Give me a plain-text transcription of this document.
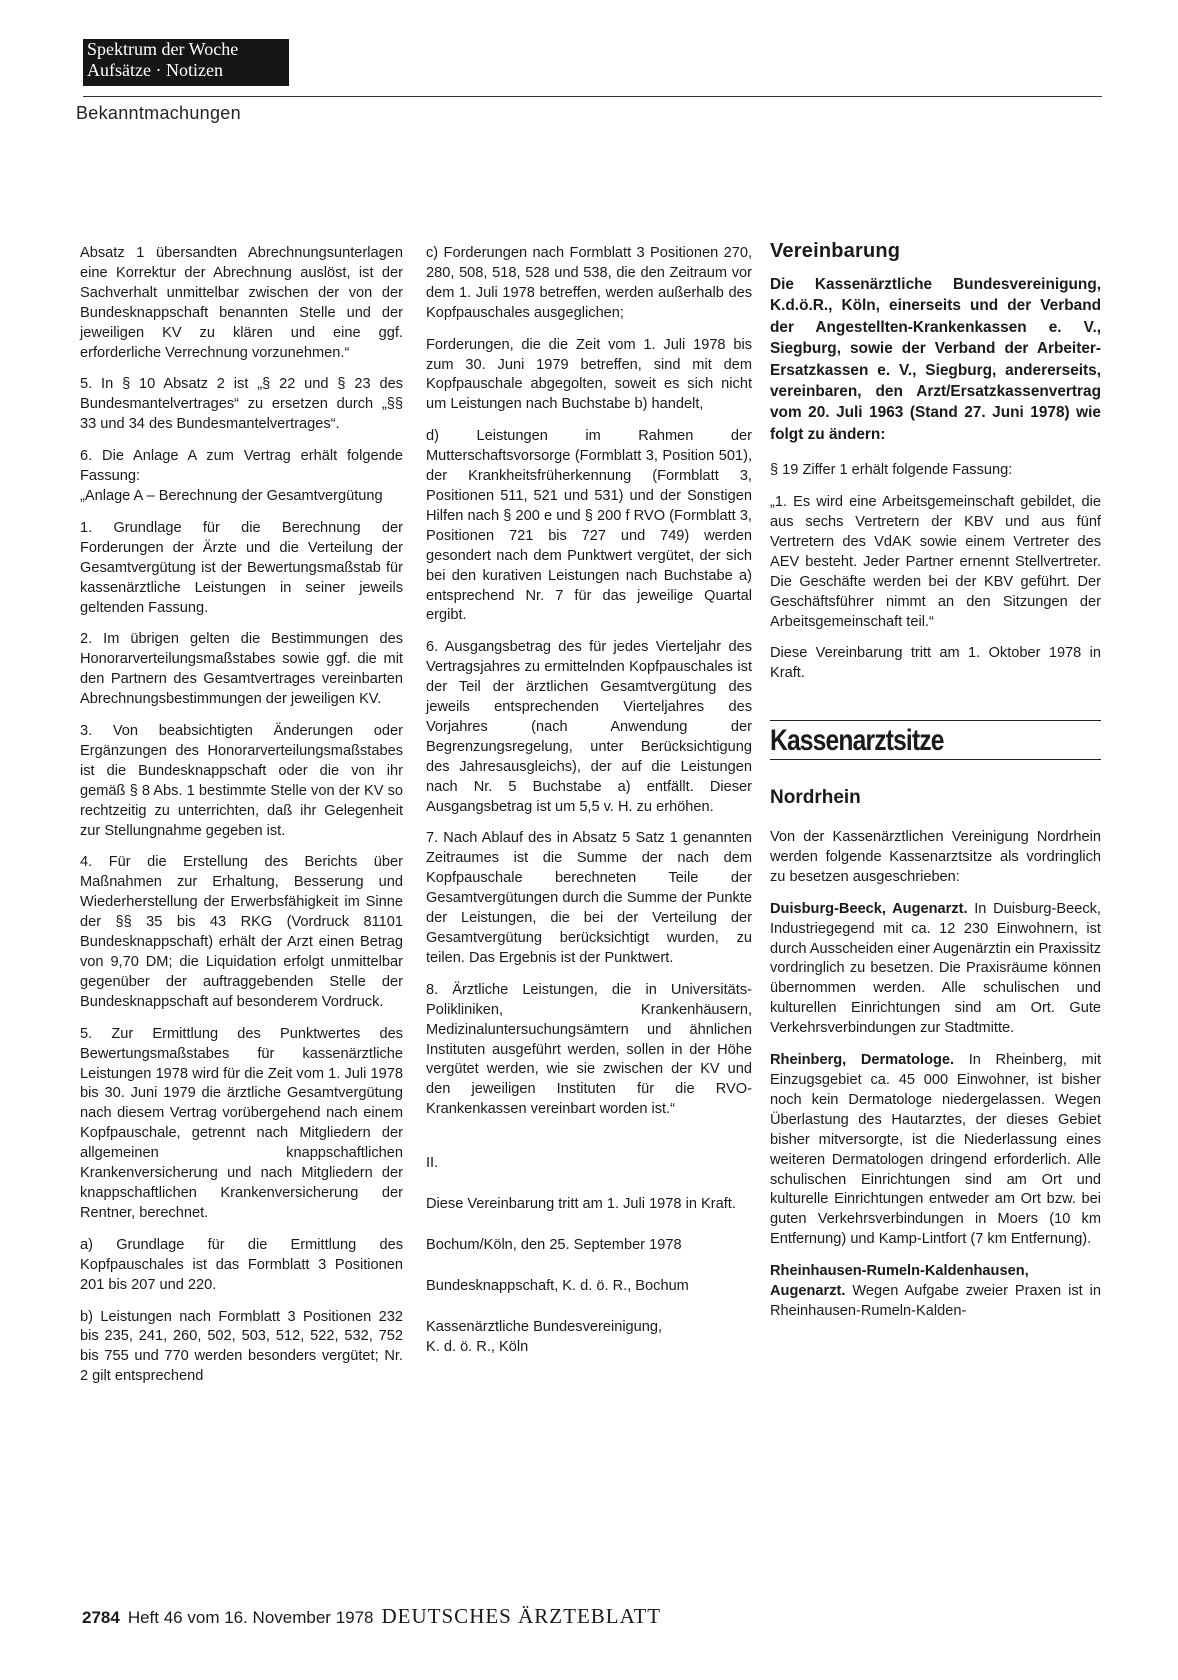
Spektrum der Woche
Aufsätze · Notizen
Bekanntmachungen

Absatz 1 übersandten Abrechnungsunterlagen eine Korrektur der Abrechnung auslöst, ist der Sachverhalt unmittelbar zwischen der von der Bundesknappschaft benannten Stelle und der jeweiligen KV zu klären und eine ggf. erforderliche Verrechnung vorzunehmen.“

5. In § 10 Absatz 2 ist „§ 22 und § 23 des Bundesmantelvertrages“ zu ersetzen durch „§§ 33 und 34 des Bundesmantelvertrages“.

6. Die Anlage A zum Vertrag erhält folgende Fassung:
„Anlage A – Berechnung der Gesamtvergütung

1. Grundlage für die Berechnung der Forderungen der Ärzte und die Verteilung der Gesamtvergütung ist der Bewertungsmaßstab für kassenärztliche Leistungen in seiner jeweils geltenden Fassung.

2. Im übrigen gelten die Bestimmungen des Honorarverteilungsmaßstabes sowie ggf. die mit den Partnern des Gesamtvertrages vereinbarten Abrechnungsbestimmungen der jeweiligen KV.

3. Von beabsichtigten Änderungen oder Ergänzungen des Honorarverteilungsmaßstabes ist die Bundesknappschaft oder die von ihr gemäß § 8 Abs. 1 bestimmte Stelle von der KV so rechtzeitig zu unterrichten, daß ihr Gelegenheit zur Stellungnahme gegeben ist.

4. Für die Erstellung des Berichts über Maßnahmen zur Erhaltung, Besserung und Wiederherstellung der Erwerbsfähigkeit im Sinne der §§ 35 bis 43 RKG (Vordruck 81101 Bundesknappschaft) erhält der Arzt einen Betrag von 9,70 DM; die Liquidation erfolgt unmittelbar gegenüber der auftraggebenden Stelle der Bundesknappschaft auf besonderem Vordruck.

5. Zur Ermittlung des Punktwertes des Bewertungsmaßstabes für kassenärztliche Leistungen 1978 wird für die Zeit vom 1. Juli 1978 bis 30. Juni 1979 die ärztliche Gesamtvergütung nach diesem Vertrag vorübergehend nach einem Kopfpauschale, getrennt nach Mitgliedern der allgemeinen knappschaftlichen Krankenversicherung und nach Mitgliedern der knappschaftlichen Krankenversicherung der Rentner, berechnet.

a) Grundlage für die Ermittlung des Kopfpauschales ist das Formblatt 3 Positionen 201 bis 207 und 220.

b) Leistungen nach Formblatt 3 Positionen 232 bis 235, 241, 260, 502, 503, 512, 522, 532, 752 bis 755 und 770 werden besonders vergütet; Nr. 2 gilt entsprechend

c) Forderungen nach Formblatt 3 Positionen 270, 280, 508, 518, 528 und 538, die den Zeitraum vor dem 1. Juli 1978 betreffen, werden außerhalb des Kopfpauschales ausgeglichen;

Forderungen, die die Zeit vom 1. Juli 1978 bis zum 30. Juni 1979 betreffen, sind mit dem Kopfpauschale abgegolten, soweit es sich nicht um Leistungen nach Buchstabe b) handelt,

d) Leistungen im Rahmen der Mutterschaftsvorsorge (Formblatt 3, Position 501), der Krankheitsfrüherkennung (Formblatt 3, Positionen 511, 521 und 531) und der Sonstigen Hilfen nach § 200 e und § 200 f RVO (Formblatt 3, Positionen 721 bis 727 und 749) werden gesondert nach dem Punktwert vergütet, der sich bei den kurativen Leistungen nach Buchstabe a) entsprechend Nr. 7 für das jeweilige Quartal ergibt.

6. Ausgangsbetrag des für jedes Vierteljahr des Vertragsjahres zu ermittelnden Kopfpauschales ist der Teil der ärztlichen Gesamtvergütung des jeweils entsprechenden Vierteljahres des Vorjahres (nach Anwendung der Begrenzungsregelung, unter Berücksichtigung des Jahresausgleichs), der auf die Leistungen nach Nr. 5 Buchstabe a) entfällt. Dieser Ausgangsbetrag ist um 5,5 v. H. zu erhöhen.

7. Nach Ablauf des in Absatz 5 Satz 1 genannten Zeitraumes ist die Summe der nach dem Kopfpauschale berechneten Teile der Gesamtvergütungen durch die Summe der Punkte der Leistungen, die bei der Verteilung der Gesamtvergütung berücksichtigt wurden, zu teilen. Das Ergebnis ist der Punktwert.

8. Ärztliche Leistungen, die in Universitäts-Polikliniken, Krankenhäusern, Medizinaluntersuchungsämtern und ähnlichen Instituten ausgeführt werden, sollen in der Höhe vergütet werden, wie sie zwischen der KV und den jeweiligen Instituten für die RVO-Krankenkassen vereinbart worden ist.“

II.

Diese Vereinbarung tritt am 1. Juli 1978 in Kraft.

Bochum/Köln, den 25. September 1978

Bundesknappschaft, K. d. ö. R., Bochum

Kassenärztliche Bundesvereinigung,
K. d. ö. R., Köln

Vereinbarung

Die Kassenärztliche Bundesvereinigung, K.d.ö.R., Köln, einerseits und der Verband der Angestellten-Krankenkassen e. V., Siegburg, sowie der Verband der Arbeiter-Ersatzkassen e. V., Siegburg, andererseits, vereinbaren, den Arzt/Ersatzkassenvertrag vom 20. Juli 1963 (Stand 27. Juni 1978) wie folgt zu ändern:

§ 19 Ziffer 1 erhält folgende Fassung:

„1. Es wird eine Arbeitsgemeinschaft gebildet, die aus sechs Vertretern der KBV und aus fünf Vertretern des VdAK sowie einem Vertreter des AEV besteht. Jeder Partner ernennt Stellvertreter. Die Geschäfte werden bei der KBV geführt. Der Geschäftsführer nimmt an den Sitzungen der Arbeitsgemeinschaft teil.“

Diese Vereinbarung tritt am 1. Oktober 1978 in Kraft.

Kassenarztsitze
Nordrhein

Von der Kassenärztlichen Vereinigung Nordrhein werden folgende Kassenarztsitze als vordringlich zu besetzen ausgeschrieben:

Duisburg-Beeck, Augenarzt. In Duisburg-Beeck, Industriegegend mit ca. 12 230 Einwohnern, ist durch Ausscheiden einer Augenärztin ein Praxissitz vordringlich zu besetzen. Die Praxisräume können übernommen werden. Alle schulischen und kulturellen Einrichtungen sind am Ort. Gute Verkehrsverbindungen zur Stadtmitte.

Rheinberg, Dermatologe. In Rheinberg, mit Einzugsgebiet ca. 45 000 Einwohner, ist bisher noch kein Dermatologe niedergelassen. Wegen Überlastung des Hautarztes, der dieses Gebiet bisher mitversorgte, ist die Niederlassung eines weiteren Dermatologen dringend erforderlich. Alle schulischen Einrichtungen sind am Ort und kulturelle Einrichtungen entweder am Ort bzw. bei guten Verkehrsverbindungen in Moers (10 km Entfernung) und Kamp-Lintfort (7 km Entfernung).

Rheinhausen-Rumeln-Kaldenhausen, Augenarzt. Wegen Aufgabe zweier Praxen ist in Rheinhausen-Rumeln-Kalden-

2784 Heft 46 vom 16. November 1978 DEUTSCHES ÄRZTEBLATT
